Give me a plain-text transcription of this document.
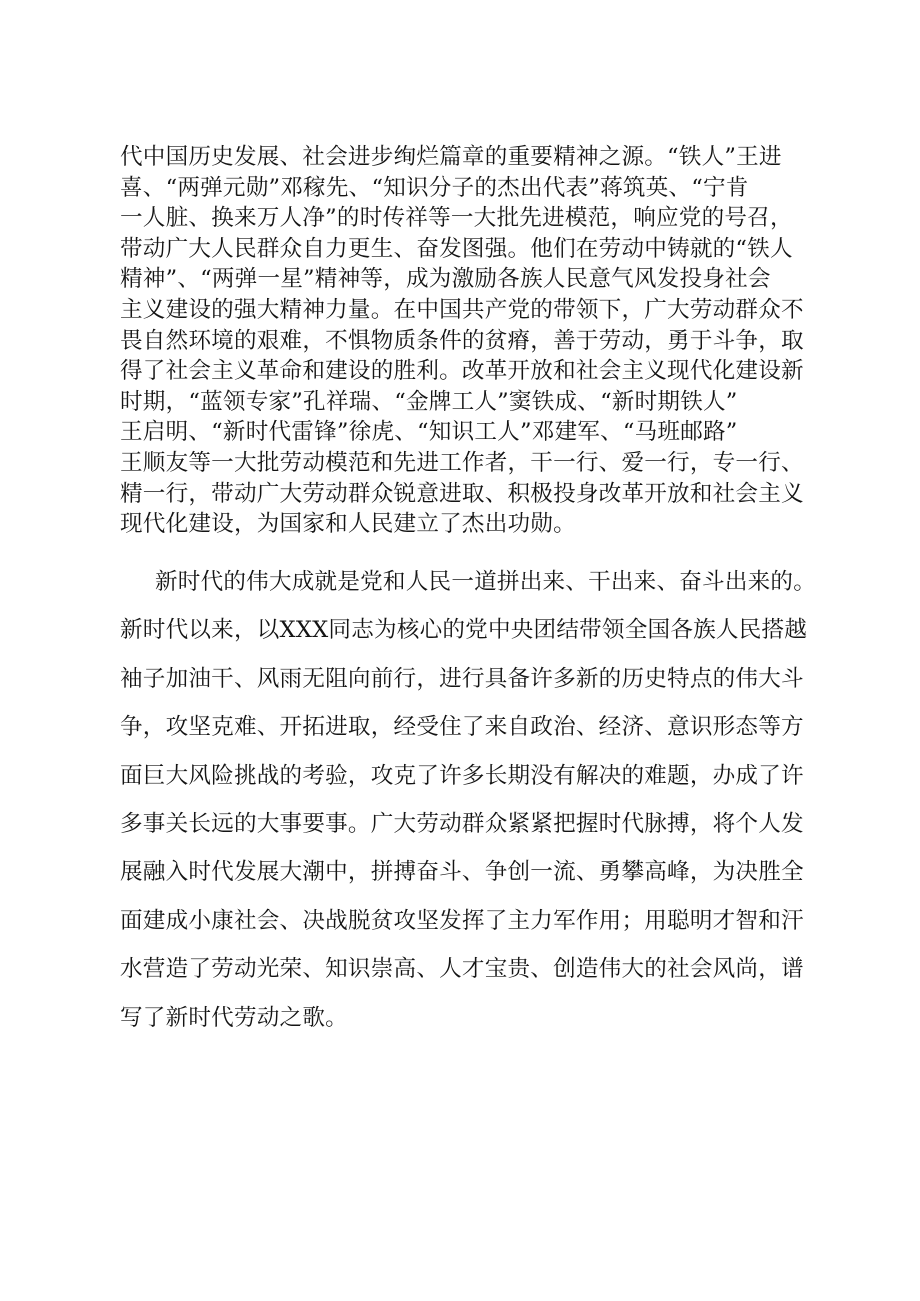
代中国历史发展、社会进步绚烂篇章的重要精神之源。“铁人”王进
喜、“两弹元勋”邓稼先、“知识分子的杰出代表”蒋筑英、“宁肯
一人脏、换来万人净”的时传祥等一大批先进模范，响应党的号召，
带动广大人民群众自力更生、奋发图强。他们在劳动中铸就的“铁人
精神”、“两弹一星”精神等，成为激励各族人民意气风发投身社会
主义建设的强大精神力量。在中国共产党的带领下，广大劳动群众不
畏自然环境的艰难，不惧物质条件的贫瘠，善于劳动，勇于斗争，取
得了社会主义革命和建设的胜利。改革开放和社会主义现代化建设新
时期，“蓝领专家”孔祥瑞、“金牌工人”窦铁成、“新时期铁人”
王启明、“新时代雷锋”徐虎、“知识工人”邓建军、“马班邮路”
王顺友等一大批劳动模范和先进工作者，干一行、爱一行，专一行、
精一行，带动广大劳动群众锐意进取、积极投身改革开放和社会主义
现代化建设，为国家和人民建立了杰出功勋。
新时代的伟大成就是党和人民一道拼出来、干出来、奋斗出来的。
新时代以来，以XXX同志为核心的党中央团结带领全国各族人民搭越
袖子加油干、风雨无阻向前行，进行具备许多新的历史特点的伟大斗
争，攻坚克难、开拓进取，经受住了来自政治、经济、意识形态等方
面巨大风险挑战的考验，攻克了许多长期没有解决的难题，办成了许
多事关长远的大事要事。广大劳动群众紧紧把握时代脉搏，将个人发
展融入时代发展大潮中，拼搏奋斗、争创一流、勇攀高峰，为决胜全
面建成小康社会、决战脱贫攻坚发挥了主力军作用；用聪明才智和汗
水营造了劳动光荣、知识崇高、人才宝贵、创造伟大的社会风尚，谱
写了新时代劳动之歌。
